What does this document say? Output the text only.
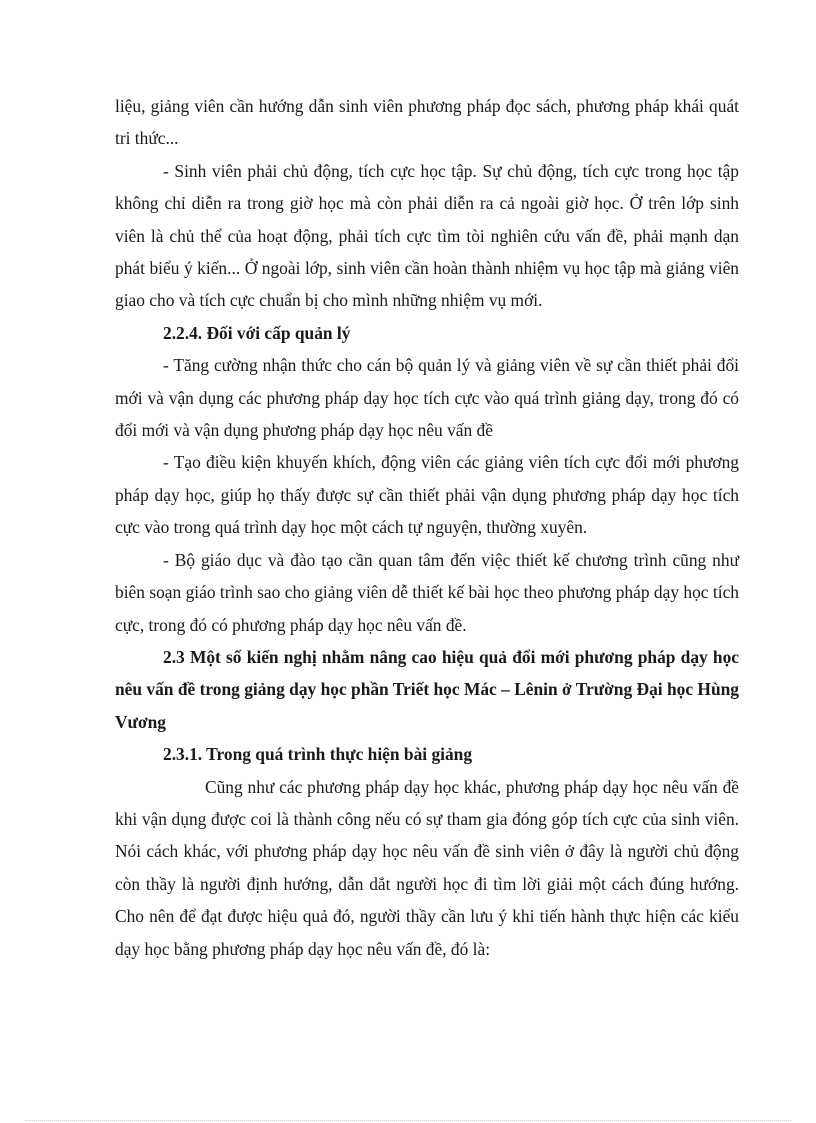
liệu, giảng viên cần hướng dẫn sinh viên phương pháp đọc sách, phương pháp khái quát tri thức...

- Sinh viên phải chủ động, tích cực học tập. Sự chủ động, tích cực trong học tập không chỉ diễn ra trong giờ học mà còn phải diễn ra cả ngoài giờ học. Ở trên lớp sinh viên là chủ thể của hoạt động, phải tích cực tìm tòi nghiên cứu vấn đề, phải mạnh dạn phát biểu ý kiến... Ở ngoài lớp, sinh viên cần hoàn thành nhiệm vụ học tập mà giảng viên giao cho và tích cực chuẩn bị cho mình những nhiệm vụ mới.

2.2.4. Đối với cấp quản lý

- Tăng cường nhận thức cho cán bộ quản lý và giảng viên về sự cần thiết phải đổi mới và vận dụng các phương pháp dạy học tích cực vào quá trình giảng dạy, trong đó có đổi mới và vận dụng phương pháp dạy học nêu vấn đề

- Tạo điều kiện khuyến khích, động viên các giảng viên tích cực đổi mới phương pháp dạy học, giúp họ thấy được sự cần thiết phải vận dụng phương pháp dạy học tích cực vào trong quá trình dạy học một cách tự nguyện, thường xuyên.

- Bộ giáo dục và đào tạo cần quan tâm đến việc thiết kế chương trình cũng như biên soạn giáo trình sao cho giảng viên dễ thiết kế bài học theo phương pháp dạy học tích cực, trong đó có phương pháp dạy học nêu vấn đề.

2.3 Một số kiến nghị nhằm nâng cao hiệu quả đổi mới phương pháp dạy học nêu vấn đề trong giảng dạy học phần Triết học Mác – Lênin ở Trường Đại học Hùng Vương

2.3.1. Trong quá trình thực hiện bài giảng

Cũng như các phương pháp dạy học khác, phương pháp dạy học nêu vấn đề khi vận dụng được coi là thành công nếu có sự tham gia đóng góp tích cực của sinh viên. Nói cách khác, với phương pháp dạy học nêu vấn đề sinh viên ở đây là người chủ động còn thầy là người định hướng, dẫn dắt người học đi tìm lời giải một cách đúng hướng. Cho nên để đạt được hiệu quả đó, người thầy cần lưu ý khi tiến hành thực hiện các kiểu dạy học bằng phương pháp dạy học nêu vấn đề, đó là:
